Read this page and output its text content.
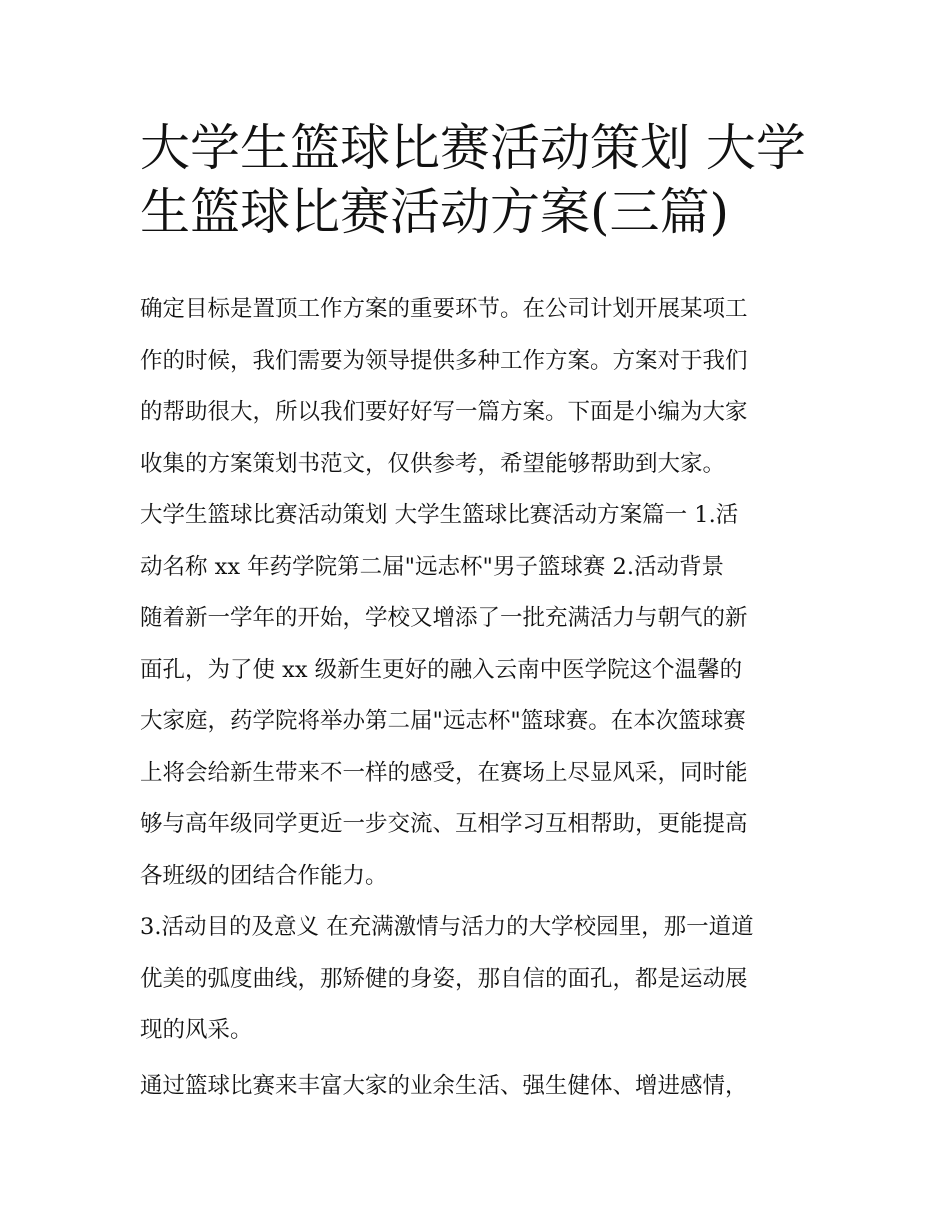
大学生篮球比赛活动策划 大学
生篮球比赛活动方案(三篇)
确定目标是置顶工作方案的重要环节。在公司计划开展某项工
作的时候，我们需要为领导提供多种工作方案。方案对于我们
的帮助很大，所以我们要好好写一篇方案。下面是小编为大家
收集的方案策划书范文，仅供参考，希望能够帮助到大家。
大学生篮球比赛活动策划 大学生篮球比赛活动方案篇一 1.活
动名称 xx 年药学院第二届"远志杯"男子篮球赛 2.活动背景
随着新一学年的开始，学校又增添了一批充满活力与朝气的新
面孔，为了使 xx 级新生更好的融入云南中医学院这个温馨的
大家庭，药学院将举办第二届"远志杯"篮球赛。在本次篮球赛
上将会给新生带来不一样的感受，在赛场上尽显风采，同时能
够与高年级同学更近一步交流、互相学习互相帮助，更能提高
各班级的团结合作能力。
3.活动目的及意义 在充满激情与活力的大学校园里，那一道道
优美的弧度曲线，那矫健的身姿，那自信的面孔，都是运动展
现的风采。
通过篮球比赛来丰富大家的业余生活、强生健体、增进感情，
